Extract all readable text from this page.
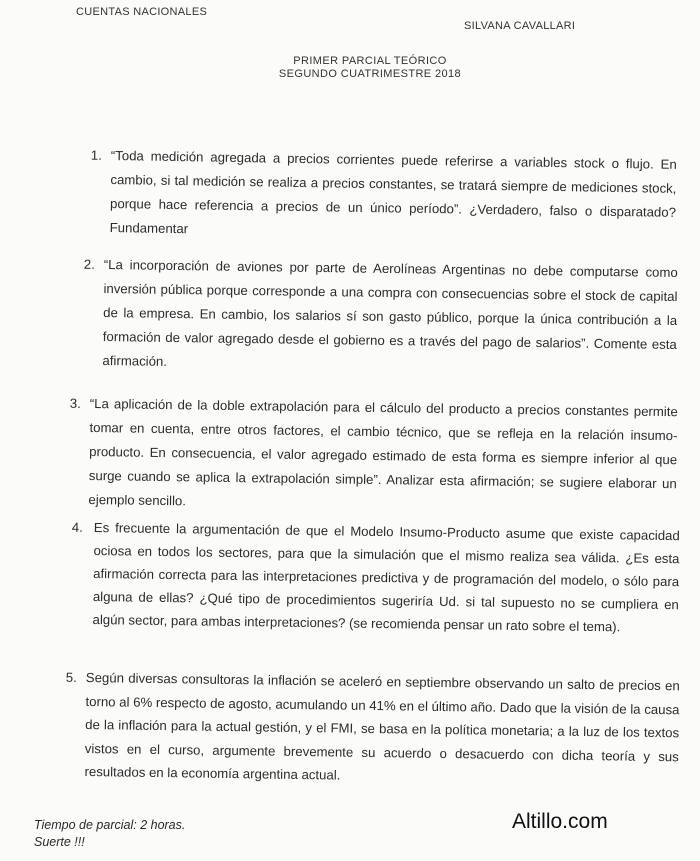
CUENTAS NACIONALES
SILVANA CAVALLARI
PRIMER PARCIAL TEÓRICO
SEGUNDO CUATRIMESTRE 2018
1. “Toda medición agregada a precios corrientes puede referirse a variables stock o flujo. En cambio, si tal medición se realiza a precios constantes, se tratará siempre de mediciones stock, porque hace referencia a precios de un único período”. ¿Verdadero, falso o disparatado? Fundamentar
2. “La incorporación de aviones por parte de Aerolíneas Argentinas no debe computarse como inversión pública porque corresponde a una compra con consecuencias sobre el stock de capital de la empresa. En cambio, los salarios sí son gasto público, porque la única contribución a la formación de valor agregado desde el gobierno es a través del pago de salarios”. Comente esta afirmación.
3. “La aplicación de la doble extrapolación para el cálculo del producto a precios constantes permite tomar en cuenta, entre otros factores, el cambio técnico, que se refleja en la relación insumo-producto. En consecuencia, el valor agregado estimado de esta forma es siempre inferior al que surge cuando se aplica la extrapolación simple”. Analizar esta afirmación; se sugiere elaborar un ejemplo sencillo.
4. Es frecuente la argumentación de que el Modelo Insumo-Producto asume que existe capacidad ociosa en todos los sectores, para que la simulación que el mismo realiza sea válida. ¿Es esta afirmación correcta para las interpretaciones predictiva y de programación del modelo, o sólo para alguna de ellas? ¿Qué tipo de procedimientos sugeriría Ud. si tal supuesto no se cumpliera en algún sector, para ambas interpretaciones? (se recomienda pensar un rato sobre el tema).
5. Según diversas consultoras la inflación se aceleró en septiembre observando un salto de precios en torno al 6% respecto de agosto, acumulando un 41% en el último año. Dado que la visión de la causa de la inflación para la actual gestión, y el FMI, se basa en la política monetaria; a la luz de los textos vistos en el curso, argumente brevemente su acuerdo o desacuerdo con dicha teoría y sus resultados en la economía argentina actual.
Tiempo de parcial: 2 horas.
Suerte !!!
Altillo.com
